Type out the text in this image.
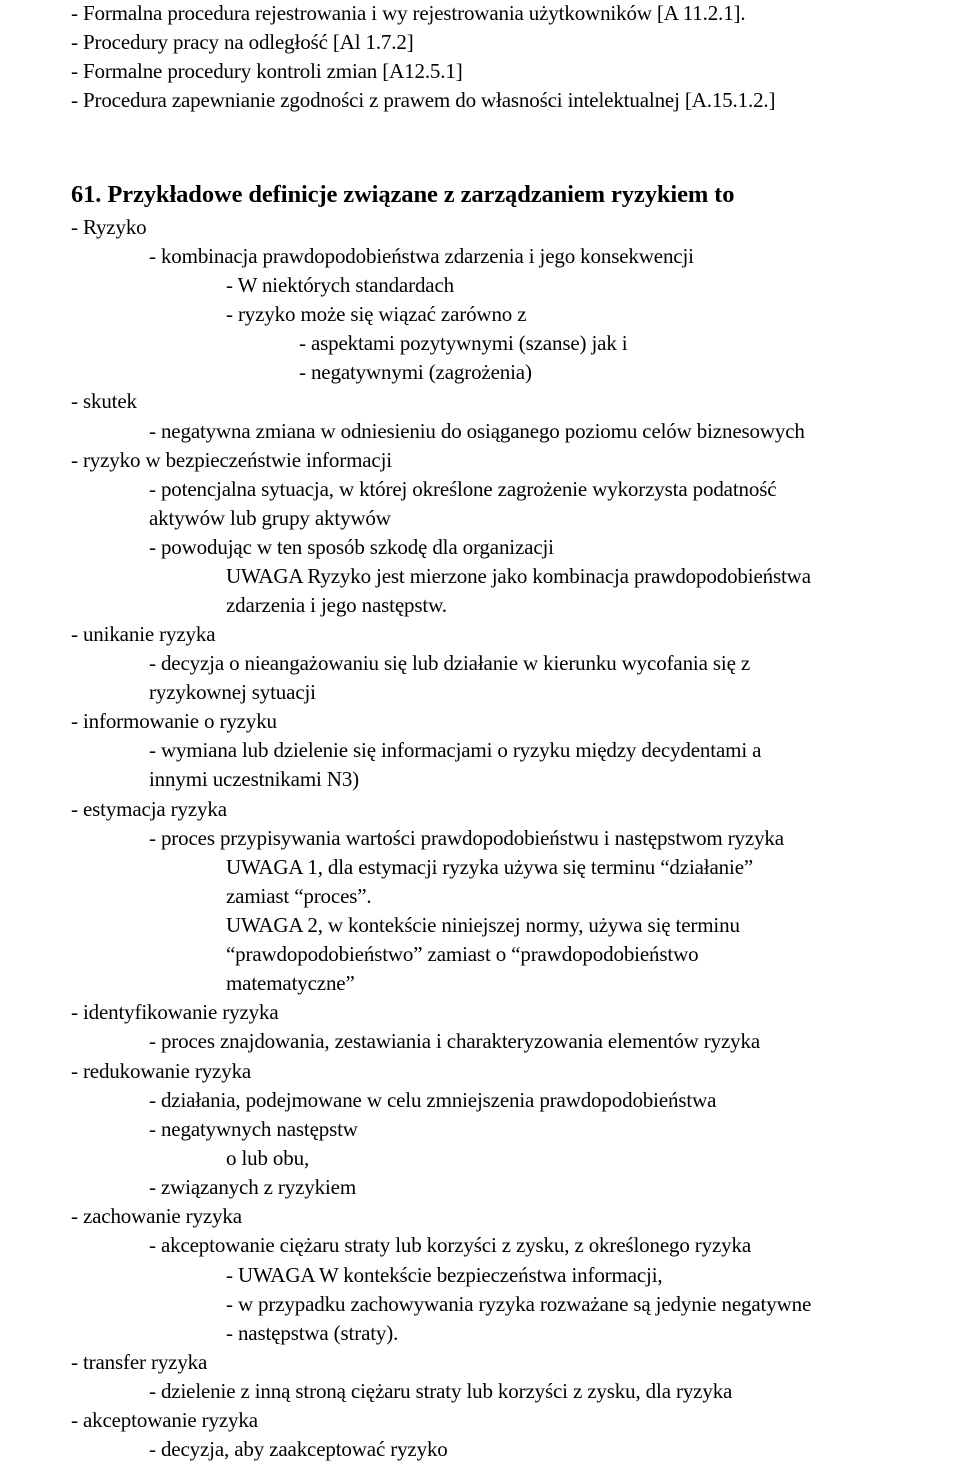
- Formalna procedura rejestrowania i wy rejestrowania użytkowników [A 11.2.1].
- Procedury pracy na odległość [Al 1.7.2]
- Formalne procedury kontroli zmian [A12.5.1]
- Procedura zapewnianie zgodności z prawem do własności intelektualnej [A.15.1.2.]
61. Przykładowe definicje związane z zarządzaniem ryzykiem to
- Ryzyko
- kombinacja prawdopodobieństwa zdarzenia i jego konsekwencji
- W niektórych standardach
- ryzyko może się wiązać zarówno z
- aspektami pozytywnymi (szanse) jak i
- negatywnymi (zagrożenia)
- skutek
- negatywna zmiana w odniesieniu do osiąganego poziomu celów biznesowych
- ryzyko w bezpieczeństwie informacji
- potencjalna sytuacja, w której określone zagrożenie wykorzysta podatność
aktywów lub grupy aktywów
- powodując w ten sposób szkodę dla organizacji
UWAGA Ryzyko jest mierzone jako kombinacja prawdopodobieństwa
zdarzenia i jego następstw.
- unikanie ryzyka
- decyzja o nieangażowaniu się lub działanie w kierunku wycofania się z
ryzykownej sytuacji
- informowanie o ryzyku
- wymiana lub dzielenie się informacjami o ryzyku między decydentami a
innymi uczestnikami N3)
- estymacja ryzyka
- proces przypisywania wartości prawdopodobieństwu i następstwom ryzyka
UWAGA 1, dla estymacji ryzyka używa się terminu “działanie”
zamiast “proces”.
UWAGA 2, w kontekście niniejszej normy, używa się terminu
“prawdopodobieństwo” zamiast o “prawdopodobieństwo
matematyczne”
- identyfikowanie ryzyka
- proces znajdowania, zestawiania i charakteryzowania elementów ryzyka
- redukowanie ryzyka
- działania, podejmowane w celu zmniejszenia prawdopodobieństwa
- negatywnych następstw
o lub obu,
- związanych z ryzykiem
- zachowanie ryzyka
- akceptowanie ciężaru straty lub korzyści z zysku, z określonego ryzyka
- UWAGA W kontekście bezpieczeństwa informacji,
- w przypadku zachowywania ryzyka rozważane są jedynie negatywne
- następstwa (straty).
- transfer ryzyka
- dzielenie z inną stroną ciężaru straty lub korzyści z zysku, dla ryzyka
- akceptowanie ryzyka
- decyzja, aby zaakceptować ryzyko
